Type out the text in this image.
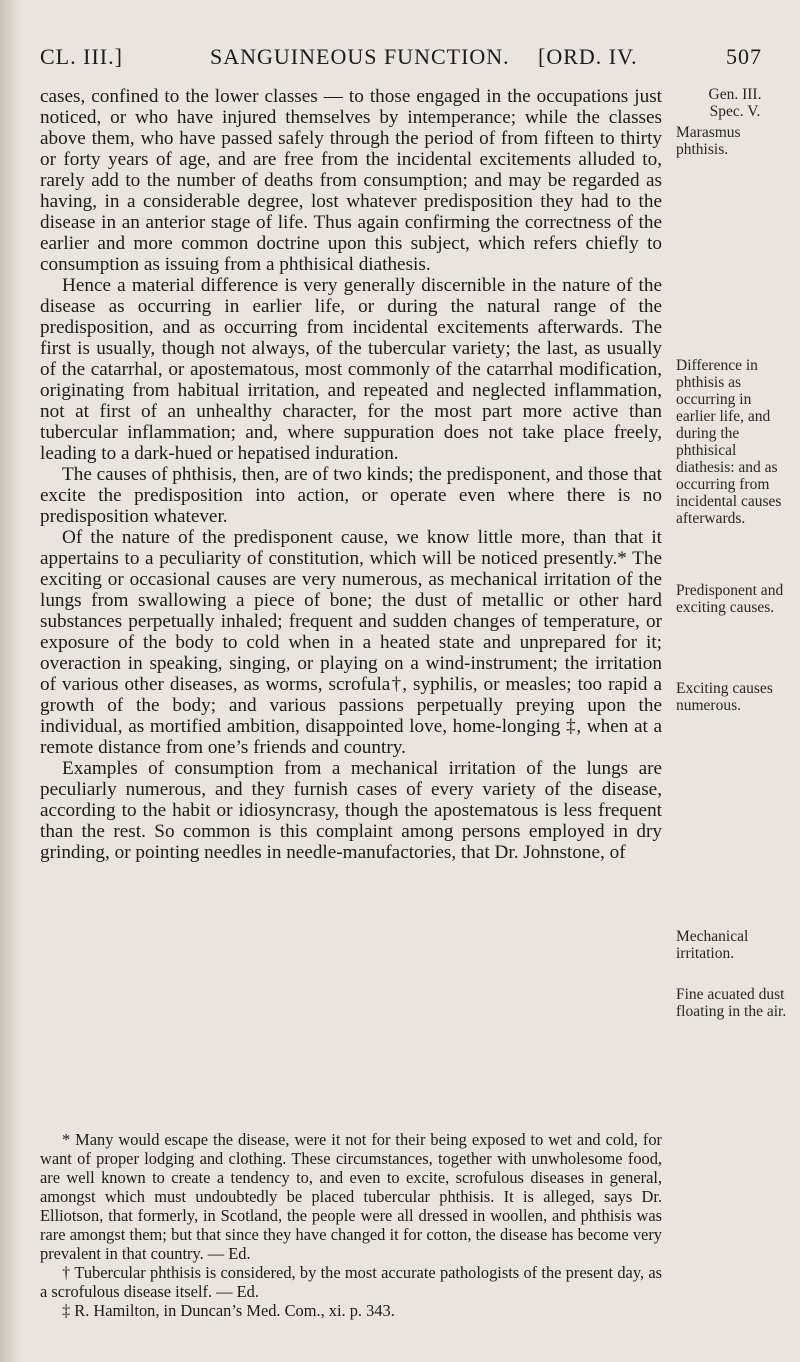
CL. III.]	SANGUINEOUS FUNCTION. [ORD. IV.	507

cases, confined to the lower classes — to those engaged in the occupations just noticed, or who have injured themselves by intemperance; while the classes above them, who have passed safely through the period of from fifteen to thirty or forty years of age, and are free from the incidental excitements alluded to, rarely add to the number of deaths from consumption; and may be regarded as having, in a considerable degree, lost whatever predisposition they had to the disease in an anterior stage of life. Thus again confirming the correctness of the earlier and more common doctrine upon this subject, which refers chiefly to consumption as issuing from a phthisical diathesis.

Hence a material difference is very generally discernible in the nature of the disease as occurring in earlier life, or during the natural range of the predisposition, and as occurring from incidental excitements afterwards. The first is usually, though not always, of the tubercular variety; the last, as usually of the catarrhal, or apostematous, most commonly of the catarrhal modification, originating from habitual irritation, and repeated and neglected inflammation, not at first of an unhealthy character, for the most part more active than tubercular inflammation; and, where suppuration does not take place freely, leading to a dark-hued or hepatised induration.

The causes of phthisis, then, are of two kinds; the predisponent, and those that excite the predisposition into action, or operate even where there is no predisposition whatever.

Of the nature of the predisponent cause, we know little more, than that it appertains to a peculiarity of constitution, which will be noticed presently.* The exciting or occasional causes are very numerous, as mechanical irritation of the lungs from swallowing a piece of bone; the dust of metallic or other hard substances perpetually inhaled; frequent and sudden changes of temperature, or exposure of the body to cold when in a heated state and unprepared for it; overaction in speaking, singing, or playing on a wind-instrument; the irritation of various other diseases, as worms, scrofula†, syphilis, or measles; too rapid a growth of the body; and various passions perpetually preying upon the individual, as mortified ambition, disappointed love, home-longing ‡, when at a remote distance from one’s friends and country.

Examples of consumption from a mechanical irritation of the lungs are peculiarly numerous, and they furnish cases of every variety of the disease, according to the habit or idiosyncrasy, though the apostematous is less frequent than the rest. So common is this complaint among persons employed in dry grinding, or pointing needles in needle-manufactories, that Dr. Johnstone, of

* Many would escape the disease, were it not for their being exposed to wet and cold, for want of proper lodging and clothing. These circumstances, together with unwholesome food, are well known to create a tendency to, and even to excite, scrofulous diseases in general, amongst which must undoubtedly be placed tubercular phthisis. It is alleged, says Dr. Elliotson, that formerly, in Scotland, the people were all dressed in woollen, and phthisis was rare amongst them; but that since they have changed it for cotton, the disease has become very prevalent in that country. — Ed.

† Tubercular phthisis is considered, by the most accurate pathologists of the present day, as a scrofulous disease itself. — Ed.

‡ R. Hamilton, in Duncan’s Med. Com., xi. p. 343.

Gen. III.
Spec. V.
Marasmus phthisis.
Difference in phthisis as occurring in earlier life, and during the phthisical diathesis: and as occurring from incidental causes afterwards.
Predisponent and exciting causes.
Exciting causes numerous.
Mechanical irritation.
Fine acuated dust floating in the air.
